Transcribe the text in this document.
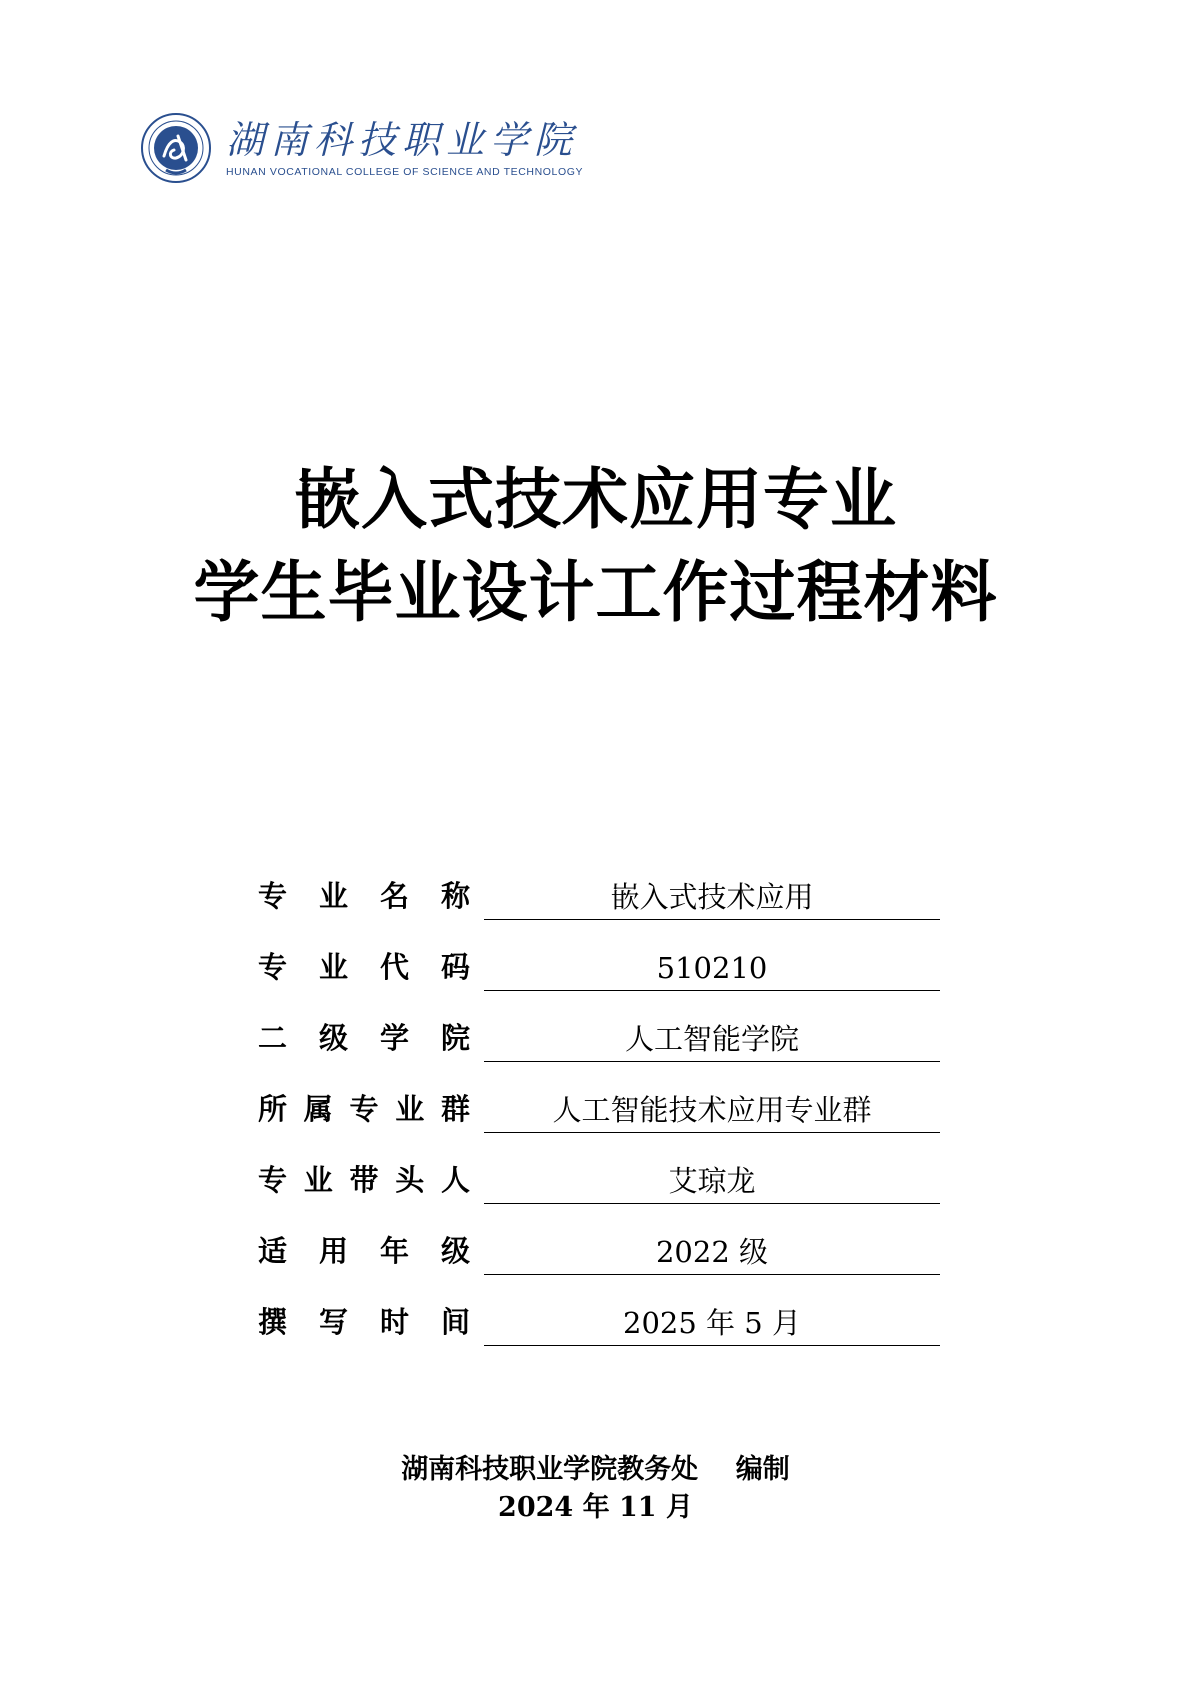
湖南科技职业学院
HUNAN VOCATIONAL COLLEGE OF SCIENCE AND TECHNOLOGY
嵌入式技术应用专业
学生毕业设计工作过程材料
专 业 名 称	嵌入式技术应用
专 业 代 码	510210
二 级 学 院	人工智能学院
所 属 专 业 群	人工智能技术应用专业群
专 业 带 头 人	艾琼龙
适 用 年 级	2022 级
撰 写 时 间	2025 年 5 月
湖南科技职业学院教务处    编制
2024 年 11 月
